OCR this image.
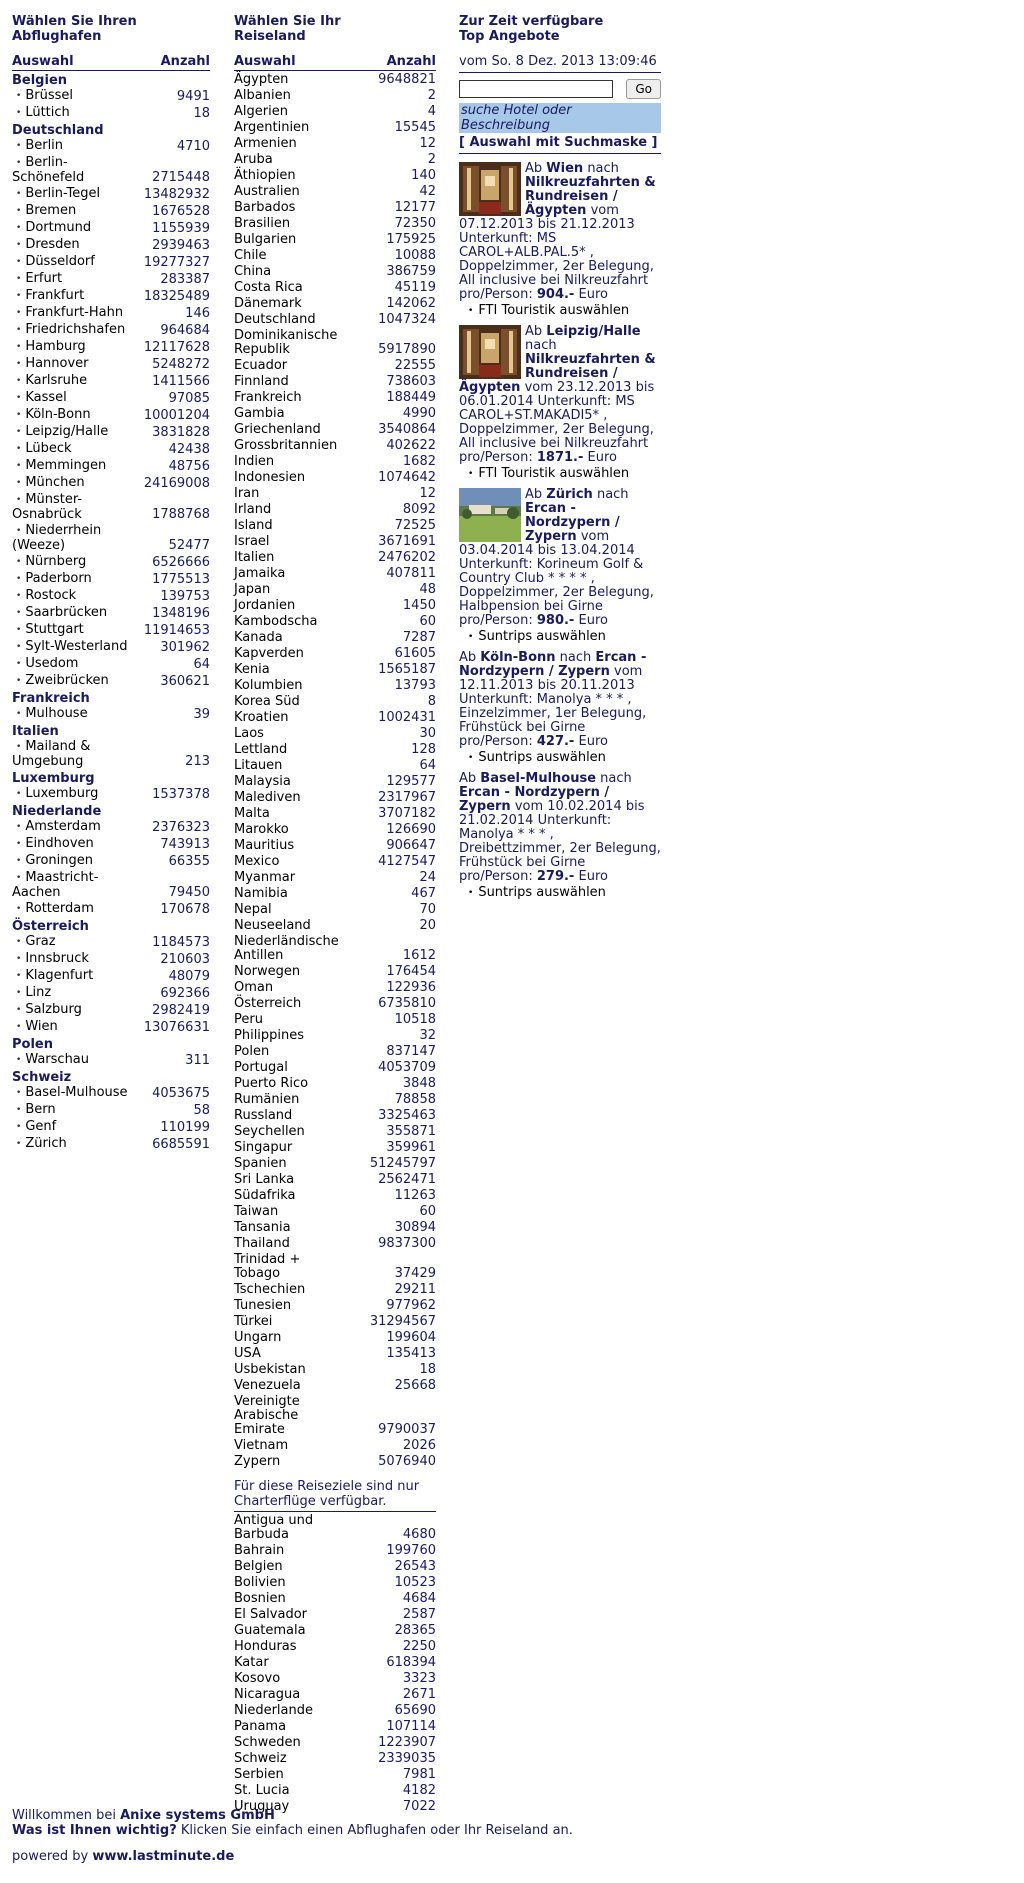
Wählen Sie Ihren
Abflughafen
Auswahl	Anzahl
Belgien
• Brüssel	9491
• Lüttich	18
Deutschland
• Berlin	4710
• Berlin-Schönefeld	2715448
• Berlin-Tegel	13482932
• Bremen	1676528
• Dortmund	1155939
• Dresden	2939463
• Düsseldorf	19277327
• Erfurt	283387
• Frankfurt	18325489
• Frankfurt-Hahn	146
• Friedrichshafen	964684
• Hamburg	12117628
• Hannover	5248272
• Karlsruhe	1411566
• Kassel	97085
• Köln-Bonn	10001204
• Leipzig/Halle	3831828
• Lübeck	42438
• Memmingen	48756
• München	24169008
• Münster-Osnabrück	1788768
• Niederrhein (Weeze)	52477
• Nürnberg	6526666
• Paderborn	1775513
• Rostock	139753
• Saarbrücken	1348196
• Stuttgart	11914653
• Sylt-Westerland	301962
• Usedom	64
• Zweibrücken	360621
Frankreich
• Mulhouse	39
Italien
• Mailand & Umgebung	213
Luxemburg
• Luxemburg	1537378
Niederlande
• Amsterdam	2376323
• Eindhoven	743913
• Groningen	66355
• Maastricht-Aachen	79450
• Rotterdam	170678
Österreich
• Graz	1184573
• Innsbruck	210603
• Klagenfurt	48079
• Linz	692366
• Salzburg	2982419
• Wien	13076631
Polen
• Warschau	311
Schweiz
• Basel-Mulhouse 4053675
• Bern	58
• Genf	110199
• Zürich	6685591
Wählen Sie Ihr
Reiseland
Auswahl	Anzahl
Ägypten	9648821
Albanien	2
Algerien	4
Argentinien	15545
Armenien	12
Aruba	2
Äthiopien	140
Australien	42
Barbados	12177
Brasilien	72350
Bulgarien	175925
Chile	10088
China	386759
Costa Rica	45119
Dänemark	142062
Deutschland	1047324
Dominikanische Republik	5917890
Ecuador	22555
Finnland	738603
Frankreich	188449
Gambia	4990
Griechenland	3540864
Grossbritannien	402622
Indien	1682
Indonesien	1074642
Iran	12
Irland	8092
Island	72525
Israel	3671691
Italien	2476202
Jamaika	407811
Japan	48
Jordanien	1450
Kambodscha	60
Kanada	7287
Kapverden	61605
Kenia	1565187
Kolumbien	13793
Korea Süd	8
Kroatien	1002431
Laos	30
Lettland	128
Litauen	64
Malaysia	129577
Malediven	2317967
Malta	3707182
Marokko	126690
Mauritius	906647
Mexico	4127547
Myanmar	24
Namibia	467
Nepal	70
Neuseeland	20
Niederländische Antillen	1612
Norwegen	176454
Oman	122936
Österreich	6735810
Peru	10518
Philippines	32
Polen	837147
Portugal	4053709
Puerto Rico	3848
Rumänien	78858
Russland	3325463
Seychellen	355871
Singapur	359961
Spanien	51245797
Sri Lanka	2562471
Südafrika	11263
Taiwan	60
Tansania	30894
Thailand	9837300
Trinidad + Tobago	37429
Tschechien	29211
Tunesien	977962
Türkei	31294567
Ungarn	199604
USA	135413
Usbekistan	18
Venezuela	25668
Vereinigte Arabische Emirate	9790037
Vietnam	2026
Zypern	5076940
Für diese Reiseziele sind nur Charterflüge verfügbar.
Antigua und Barbuda	4680
Bahrain	199760
Belgien	26543
Bolivien	10523
Bosnien	4684
El Salvador	2587
Guatemala	28365
Honduras	2250
Katar	618394
Kosovo	3323
Nicaragua	2671
Niederlande	65690
Panama	107114
Schweden	1223907
Schweiz	2339035
Serbien	7981
St. Lucia	4182
Uruguay	7022
Zur Zeit verfügbare
Top Angebote
vom So. 8 Dez. 2013 13:09:46
Go
suche Hotel oder Beschreibung
[ Auswahl mit Suchmaske ]
Ab Wien nach Nilkreuzfahrten & Rundreisen / Ägypten vom 07.12.2013 bis 21.12.2013 Unterkunft: MS CAROL+ALB.PAL.5* , Doppelzimmer, 2er Belegung, All inclusive bei Nilkreuzfahrt
pro/Person: 904.- Euro
• FTI Touristik auswählen
Ab Leipzig/Halle nach Nilkreuzfahrten & Rundreisen / Ägypten vom 23.12.2013 bis 06.01.2014 Unterkunft: MS CAROL+ST.MAKADI5* , Doppelzimmer, 2er Belegung, All inclusive bei Nilkreuzfahrt
pro/Person: 1871.- Euro
• FTI Touristik auswählen
Ab Zürich nach Ercan - Nordzypern / Zypern vom 03.04.2014 bis 13.04.2014 Unterkunft: Korineum Golf & Country Club * * * * , Doppelzimmer, 2er Belegung, Halbpension bei Girne
pro/Person: 980.- Euro
• Suntrips auswählen
Ab Köln-Bonn nach Ercan - Nordzypern / Zypern vom 12.11.2013 bis 20.11.2013 Unterkunft: Manolya * * * , Einzelzimmer, 1er Belegung, Frühstück bei Girne
pro/Person: 427.- Euro
• Suntrips auswählen
Ab Basel-Mulhouse nach Ercan - Nordzypern / Zypern vom 10.02.2014 bis 21.02.2014 Unterkunft: Manolya * * * , Dreibettzimmer, 2er Belegung, Frühstück bei Girne
pro/Person: 279.- Euro
• Suntrips auswählen
Willkommen bei Anixe systems GmbH
Was ist Ihnen wichtig? Klicken Sie einfach einen Abflughafen oder Ihr Reiseland an.
powered by www.lastminute.de
